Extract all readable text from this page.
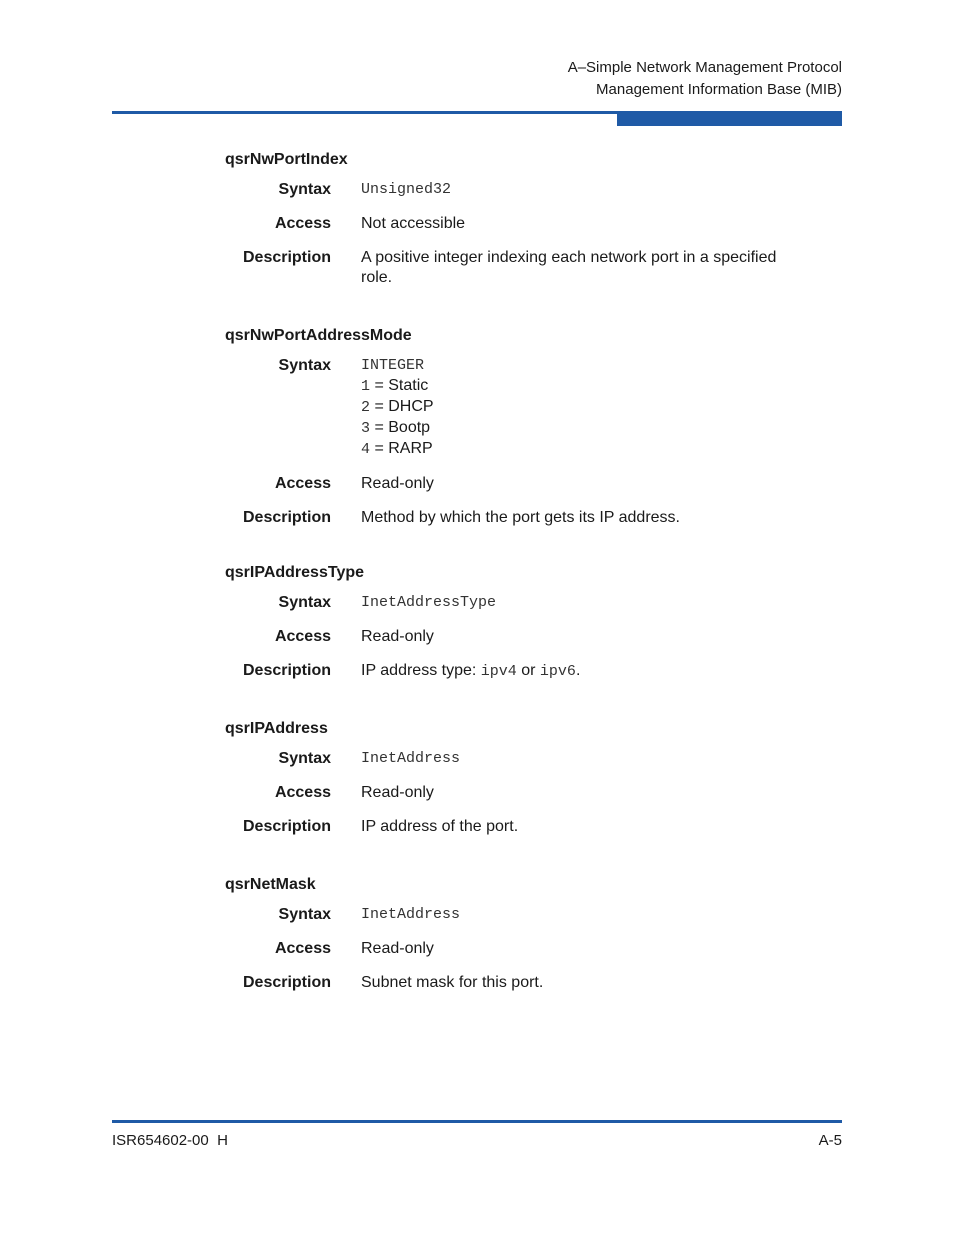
A–Simple Network Management Protocol
Management Information Base (MIB)
qsrNwPortIndex
Syntax Unsigned32
Access Not accessible
Description A positive integer indexing each network port in a specified role.
qsrNwPortAddressMode
Syntax INTEGER
1 = Static
2 = DHCP
3 = Bootp
4 = RARP
Access Read-only
Description Method by which the port gets its IP address.
qsrIPAddressType
Syntax InetAddressType
Access Read-only
Description IP address type: ipv4 or ipv6.
qsrIPAddress
Syntax InetAddress
Access Read-only
Description IP address of the port.
qsrNetMask
Syntax InetAddress
Access Read-only
Description Subnet mask for this port.
ISR654602-00  H	A-5
